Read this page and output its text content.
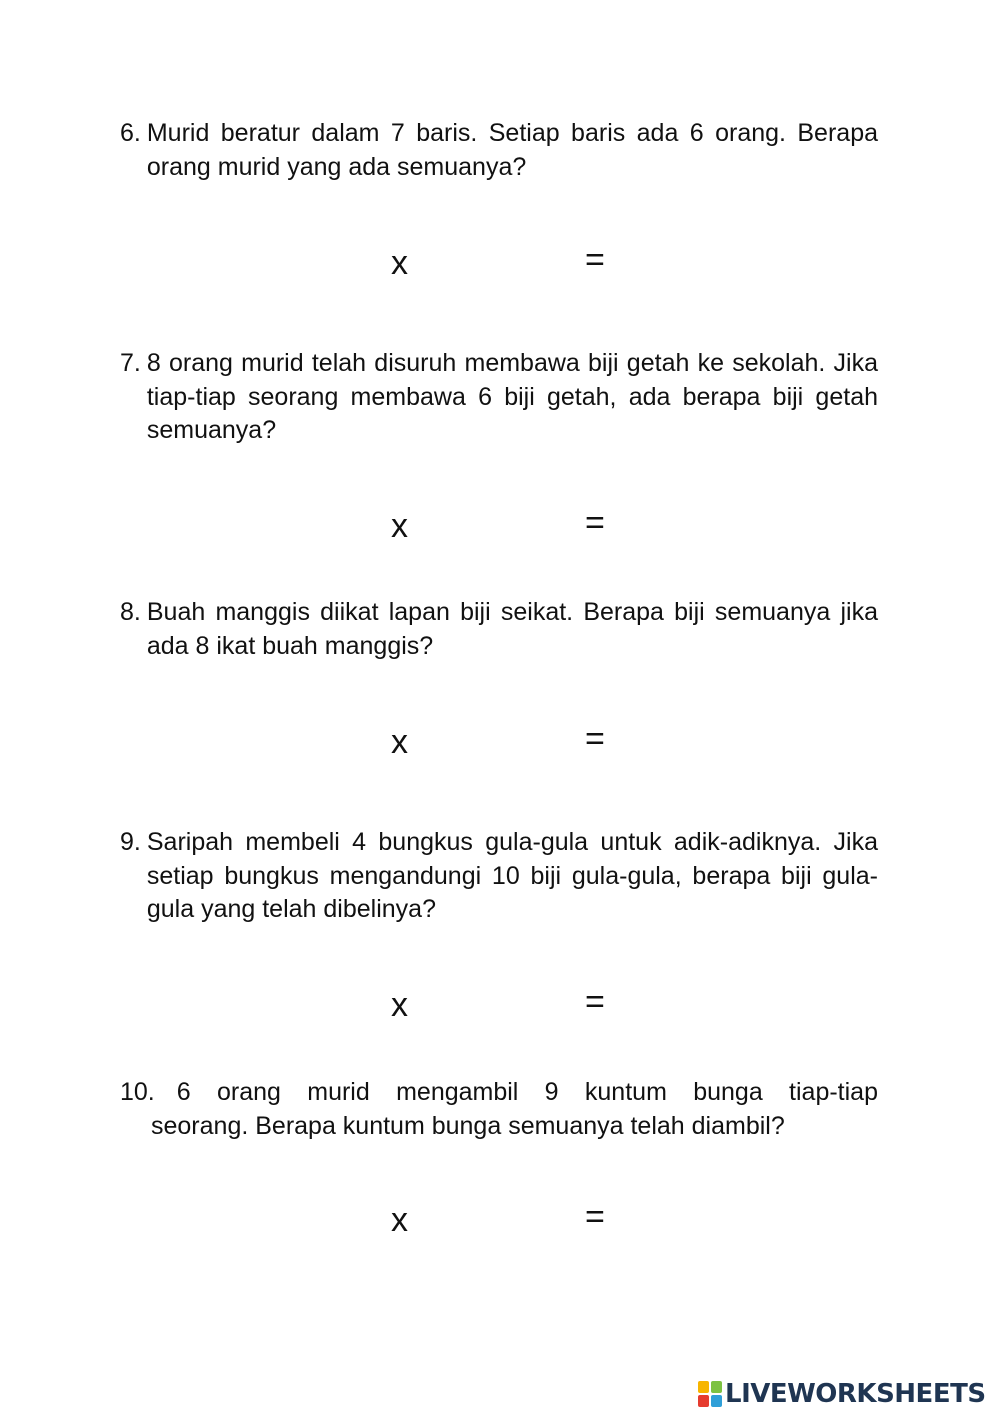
6. Murid beratur dalam 7 baris. Setiap baris ada 6 orang. Berapa orang murid yang ada semuanya?
x	=
7. 8 orang murid telah disuruh membawa biji getah ke sekolah. Jika tiap-tiap seorang membawa 6 biji getah, ada berapa biji getah semuanya?
x	=
8. Buah manggis diikat lapan biji seikat. Berapa biji semuanya jika ada 8 ikat buah manggis?
x	=
9. Saripah membeli 4 bungkus gula-gula untuk adik-adiknya. Jika setiap bungkus mengandungi 10 biji gula-gula, berapa biji gula-gula yang telah dibelinya?
x	=
10. 6 orang murid mengambil 9 kuntum bunga tiap-tiap
seorang. Berapa kuntum bunga semuanya telah diambil?
x	=
LIVEWORKSHEETS
